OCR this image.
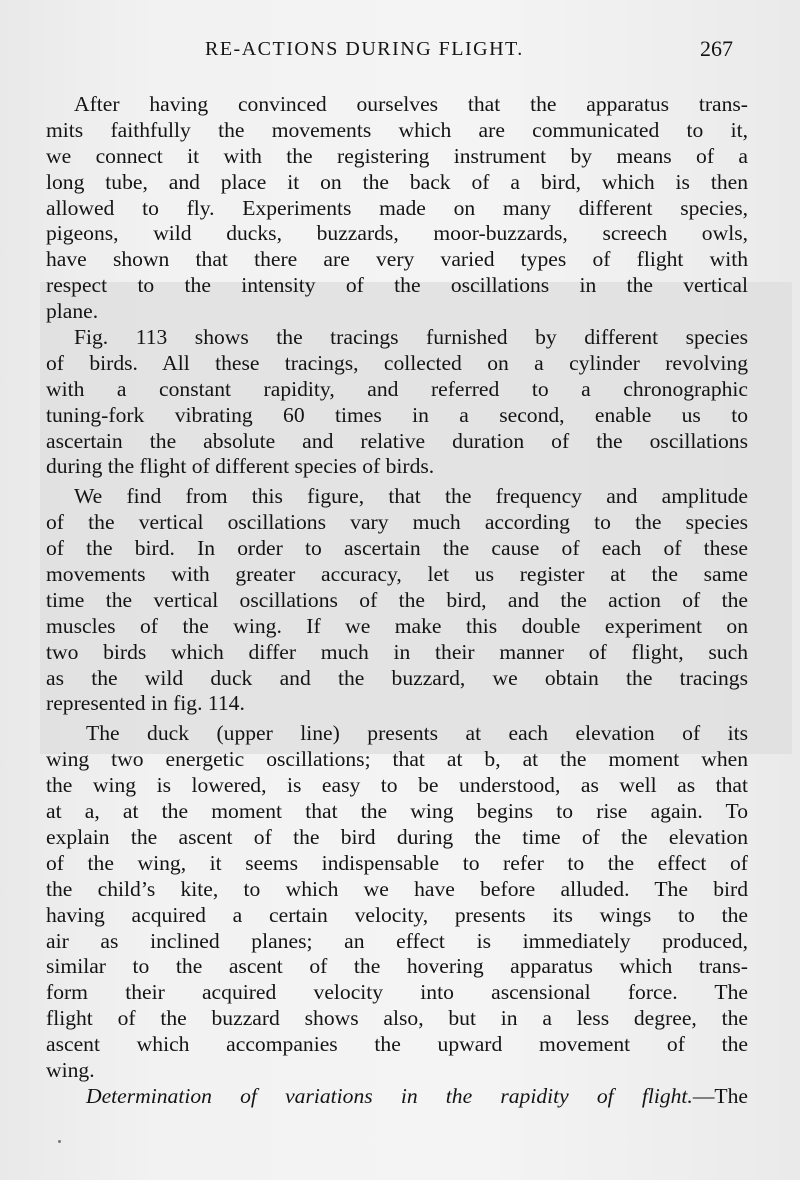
RE-ACTIONS DURING FLIGHT.	267
After having convinced ourselves that the apparatus trans-
mits faithfully the movements which are communicated to it,
we connect it with the registering instrument by means of a
long tube, and place it on the back of a bird, which is then
allowed to fly. Experiments made on many different species,
pigeons, wild ducks, buzzards, moor-buzzards, screech owls,
have shown that there are very varied types of flight with
respect to the intensity of the oscillations in the vertical
plane.
Fig. 113 shows the tracings furnished by different species
of birds. All these tracings, collected on a cylinder revolving
with a constant rapidity, and referred to a chronographic
tuning-fork vibrating 60 times in a second, enable us to
ascertain the absolute and relative duration of the oscillations
during the flight of different species of birds.
We find from this figure, that the frequency and amplitude
of the vertical oscillations vary much according to the species
of the bird. In order to ascertain the cause of each of these
movements with greater accuracy, let us register at the same
time the vertical oscillations of the bird, and the action of the
muscles of the wing. If we make this double experiment on
two birds which differ much in their manner of flight, such
as the wild duck and the buzzard, we obtain the tracings
represented in fig. 114.
The duck (upper line) presents at each elevation of its
wing two energetic oscillations; that at b, at the moment when
the wing is lowered, is easy to be understood, as well as that
at a, at the moment that the wing begins to rise again. To
explain the ascent of the bird during the time of the elevation
of the wing, it seems indispensable to refer to the effect of
the child’s kite, to which we have before alluded. The bird
having acquired a certain velocity, presents its wings to the
air as inclined planes; an effect is immediately produced,
similar to the ascent of the hovering apparatus which trans-
form their acquired velocity into ascensional force. The
flight of the buzzard shows also, but in a less degree, the
ascent which accompanies the upward movement of the
wing.
Determination of variations in the rapidity of flight.—The
